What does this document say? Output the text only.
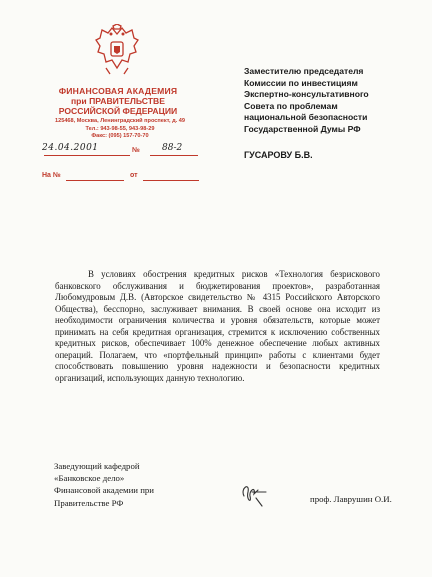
ФИНАНСОВАЯ АКАДЕМИЯ
при ПРАВИТЕЛЬСТВЕ
РОССИЙСКОЙ ФЕДЕРАЦИИ
125468, Москва, Ленинградский проспект, д. 49
Тел.: 943-98-55, 943-98-29
Факс: (095) 157-70-70
24.04.2001	№ 88-2
На №	от
Заместителю председателя
Комиссии по инвестициям
Экспертно-консультативного
Совета по проблемам
национальной безопасности
Государственной Думы РФ
ГУСАРОВУ Б.В.

В условиях обострения кредитных рисков «Технология безрискового банковского обслуживания и бюджетирования проектов», разработанная Любомудровым Д.В. (Авторское свидетельство № 4315 Российского Авторского Общества), бесспорно, заслуживает внимания. В своей основе она исходит из необходимости ограничения количества и уровня обязательств, которые может принимать на себя кредитная организация, стремится к исключению собственных кредитных рисков, обеспечивает 100% денежное обеспечение любых активных операций. Полагаем, что «портфельный принцип» работы с клиентами будет способствовать повышению уровня надежности и безопасности кредитных организаций, использующих данную технологию.

Заведующий кафедрой
«Банковское дело»
Финансовой академии при
Правительстве РФ	проф. Лаврушин О.И.
